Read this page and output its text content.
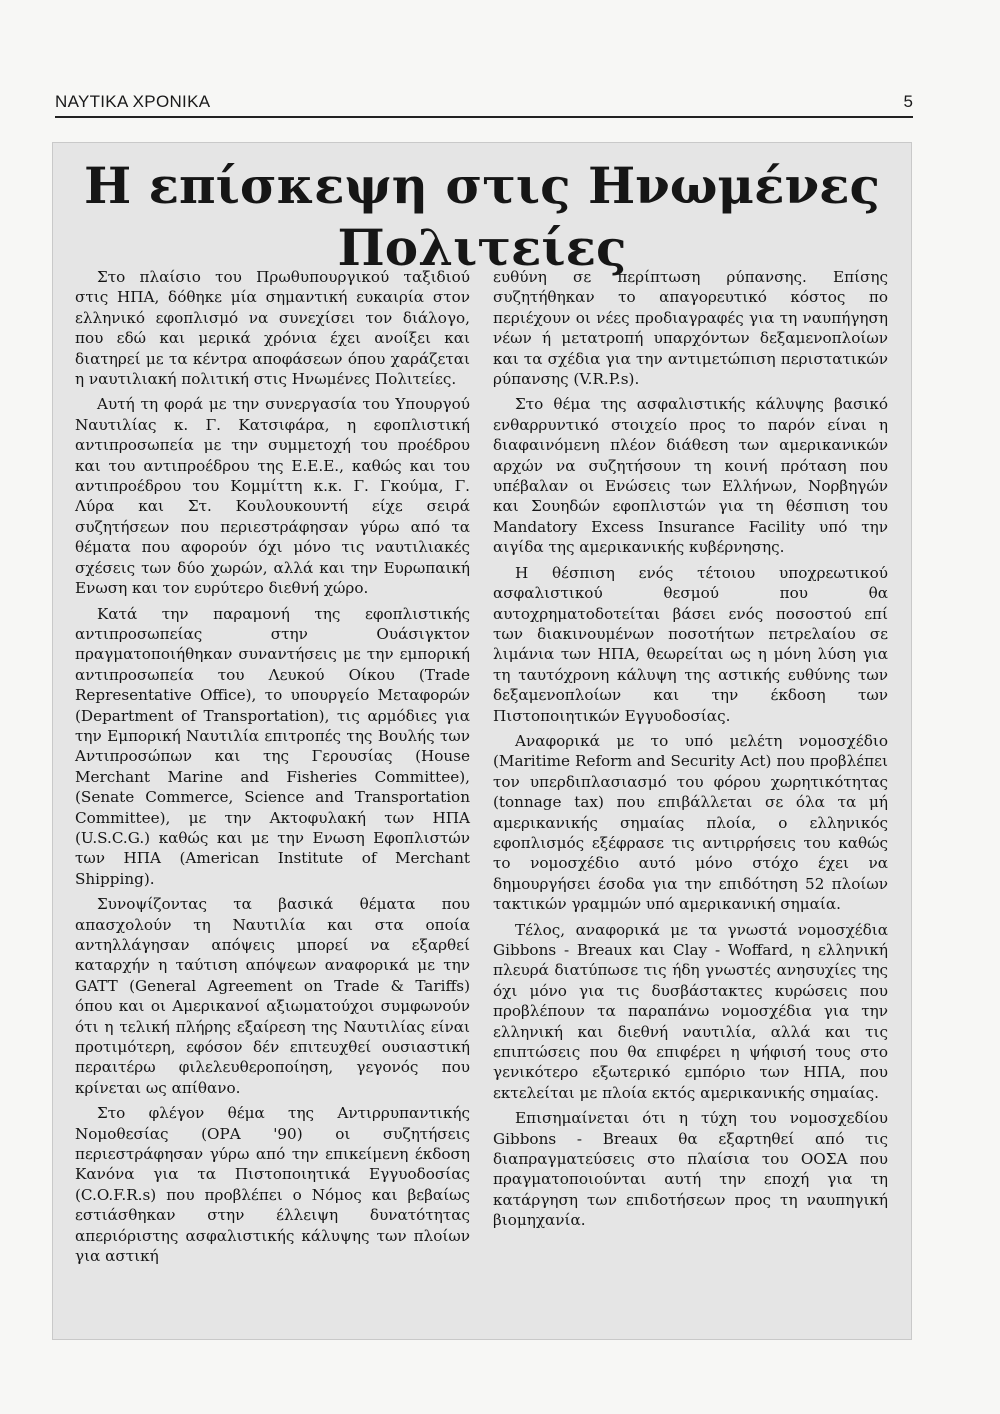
ΝΑΥΤΙΚΑ ΧΡΟΝΙΚΑ	5
Η επίσκεψη στις Ηνωμένες
Πολιτείες

Στο πλαίσιο του Πρωθυπουργικού ταξιδιού στις ΗΠΑ, δόθηκε μία σημαντική ευκαιρία στον ελληνικό εφοπλισμό να συνεχίσει τον διάλογο, που εδώ και μερικά χρόνια έχει ανοίξει και διατηρεί με τα κέντρα αποφάσεων όπου χαράζεται η ναυτιλιακή πολιτική στις Ηνωμένες Πολιτείες.

Αυτή τη φορά με την συνεργασία του Υπουργού Ναυτιλίας κ. Γ. Κατσιφάρα, η εφοπλιστική αντιπροσωπεία με την συμμετοχή του προέδρου και του αντιπροέδρου της Ε.Ε.Ε., καθώς και του αντιπροέδρου του Κομμίττη κ.κ. Γ. Γκούμα, Γ. Λύρα και Στ. Κουλουκουντή είχε σειρά συζητήσεων που περιεστράφησαν γύρω από τα θέματα που αφορούν όχι μόνο τις ναυτιλιακές σχέσεις των δύο χωρών, αλλά και την Ευρωπαική Ενωση και τον ευρύτερο διεθνή χώρο.

Κατά την παραμονή της εφοπλιστικής αντιπροσωπείας στην Ουάσιγκτον πραγματοποιήθηκαν συναντήσεις με την εμπορική αντιπροσωπεία του Λευκού Οίκου (Trade Representative Office), το υπουργείο Μεταφορών (Department of Transportation), τις αρμόδιες για την Εμπορική Ναυτιλία επιτροπές της Βουλής των Αντιπροσώπων και της Γερουσίας (House Merchant Marine and Fisheries Committee), (Senate Commerce, Science and Transportation Committee), με την Ακτοφυλακή των ΗΠΑ (U.S.C.G.) καθώς και με την Ενωση Εφοπλιστών των ΗΠΑ (American Institute of Merchant Shipping).

Συνοψίζοντας τα βασικά θέματα που απασχολούν τη Ναυτιλία και στα οποία αντηλλάγησαν απόψεις μπορεί να εξαρθεί καταρχήν η ταύτιση απόψεων αναφορικά με την GATT (General Agreement on Trade & Tariffs) όπου και οι Αμερικανοί αξιωματούχοι συμφωνούν ότι η τελική πλήρης εξαίρεση της Ναυτιλίας είναι προτιμότερη, εφόσον δέν επιτευχθεί ουσιαστική περαιτέρω φιλελευθεροποίηση, γεγονός που κρίνεται ως απίθανο.

Στο φλέγον θέμα της Αντιρρυπαντικής Νομοθεσίας (ΟΡΑ '90) οι συζητήσεις περιεστράφησαν γύρω από την επικείμενη έκδοση Κανόνα για τα Πιστοποιητικά Εγγυοδοσίας (C.O.F.R.s) που προβλέπει ο Νόμος και βεβαίως εστιάσθηκαν στην έλλειψη δυνατότητας απεριόριστης ασφαλιστικής κάλυψης των πλοίων για αστική

ευθύνη σε περίπτωση ρύπανσης. Επίσης συζητήθηκαν το απαγορευτικό κόστος πο περιέχουν οι νέες προδιαγραφές για τη ναυπήγηση νέων ή μετατροπή υπαρχόντων δεξαμενοπλοίων και τα σχέδια για την αντιμετώπιση περιστατικών ρύπανσης (V.R.P.s).

Στο θέμα της ασφαλιστικής κάλυψης βασικό ενθαρρυντικό στοιχείο προς το παρόν είναι η διαφαινόμενη πλέον διάθεση των αμερικανικών αρχών να συζητήσουν τη κοινή πρόταση που υπέβαλαν οι Ενώσεις των Ελλήνων, Νορβηγών και Σουηδών εφοπλιστών για τη θέσπιση του Mandatory Excess Insurance Facility υπό την αιγίδα της αμερικανικής κυβέρνησης.

Η θέσπιση ενός τέτοιου υποχρεωτικού ασφαλιστικού θεσμού που θα αυτοχρηματοδοτείται βάσει ενός ποσοστού επί των διακινουμένων ποσοτήτων πετρελαίου σε λιμάνια των ΗΠΑ, θεωρείται ως η μόνη λύση για τη ταυτόχρονη κάλυψη της αστικής ευθύνης των δεξαμενοπλοίων και την έκδοση των Πιστοποιητικών Εγγυοδοσίας.

Αναφορικά με το υπό μελέτη νομοσχέδιο (Maritime Reform and Security Act) που προβλέπει τον υπερδιπλασιασμό του φόρου χωρητικότητας (tonnage tax) που επιβάλλεται σε όλα τα μή αμερικανικής σημαίας πλοία, ο ελληνικός εφοπλισμός εξέφρασε τις αντιρρήσεις του καθώς το νομοσχέδιο αυτό μόνο στόχο έχει να δημουργήσει έσοδα για την επιδότηση 52 πλοίων τακτικών γραμμών υπό αμερικανική σημαία.

Τέλος, αναφορικά με τα γνωστά νομοσχέδια Gibbons - Breaux και Clay - Woffard, η ελληνική πλευρά διατύπωσε τις ήδη γνωστές ανησυχίες της όχι μόνο για τις δυσβάστακτες κυρώσεις που προβλέπουν τα παραπάνω νομοσχέδια για την ελληνική και διεθνή ναυτιλία, αλλά και τις επιπτώσεις που θα επιφέρει η ψήφισή τους στο γενικότερο εξωτερικό εμπόριο των ΗΠΑ, που εκτελείται με πλοία εκτός αμερικανικής σημαίας.

Επισημαίνεται ότι η τύχη του νομοσχεδίου Gibbons - Breaux θα εξαρτηθεί από τις διαπραγματεύσεις στο πλαίσια του ΟΟΣΑ που πραγματοποιούνται αυτή την εποχή για τη κατάργηση των επιδοτήσεων προς τη ναυπηγική βιομηχανία.
